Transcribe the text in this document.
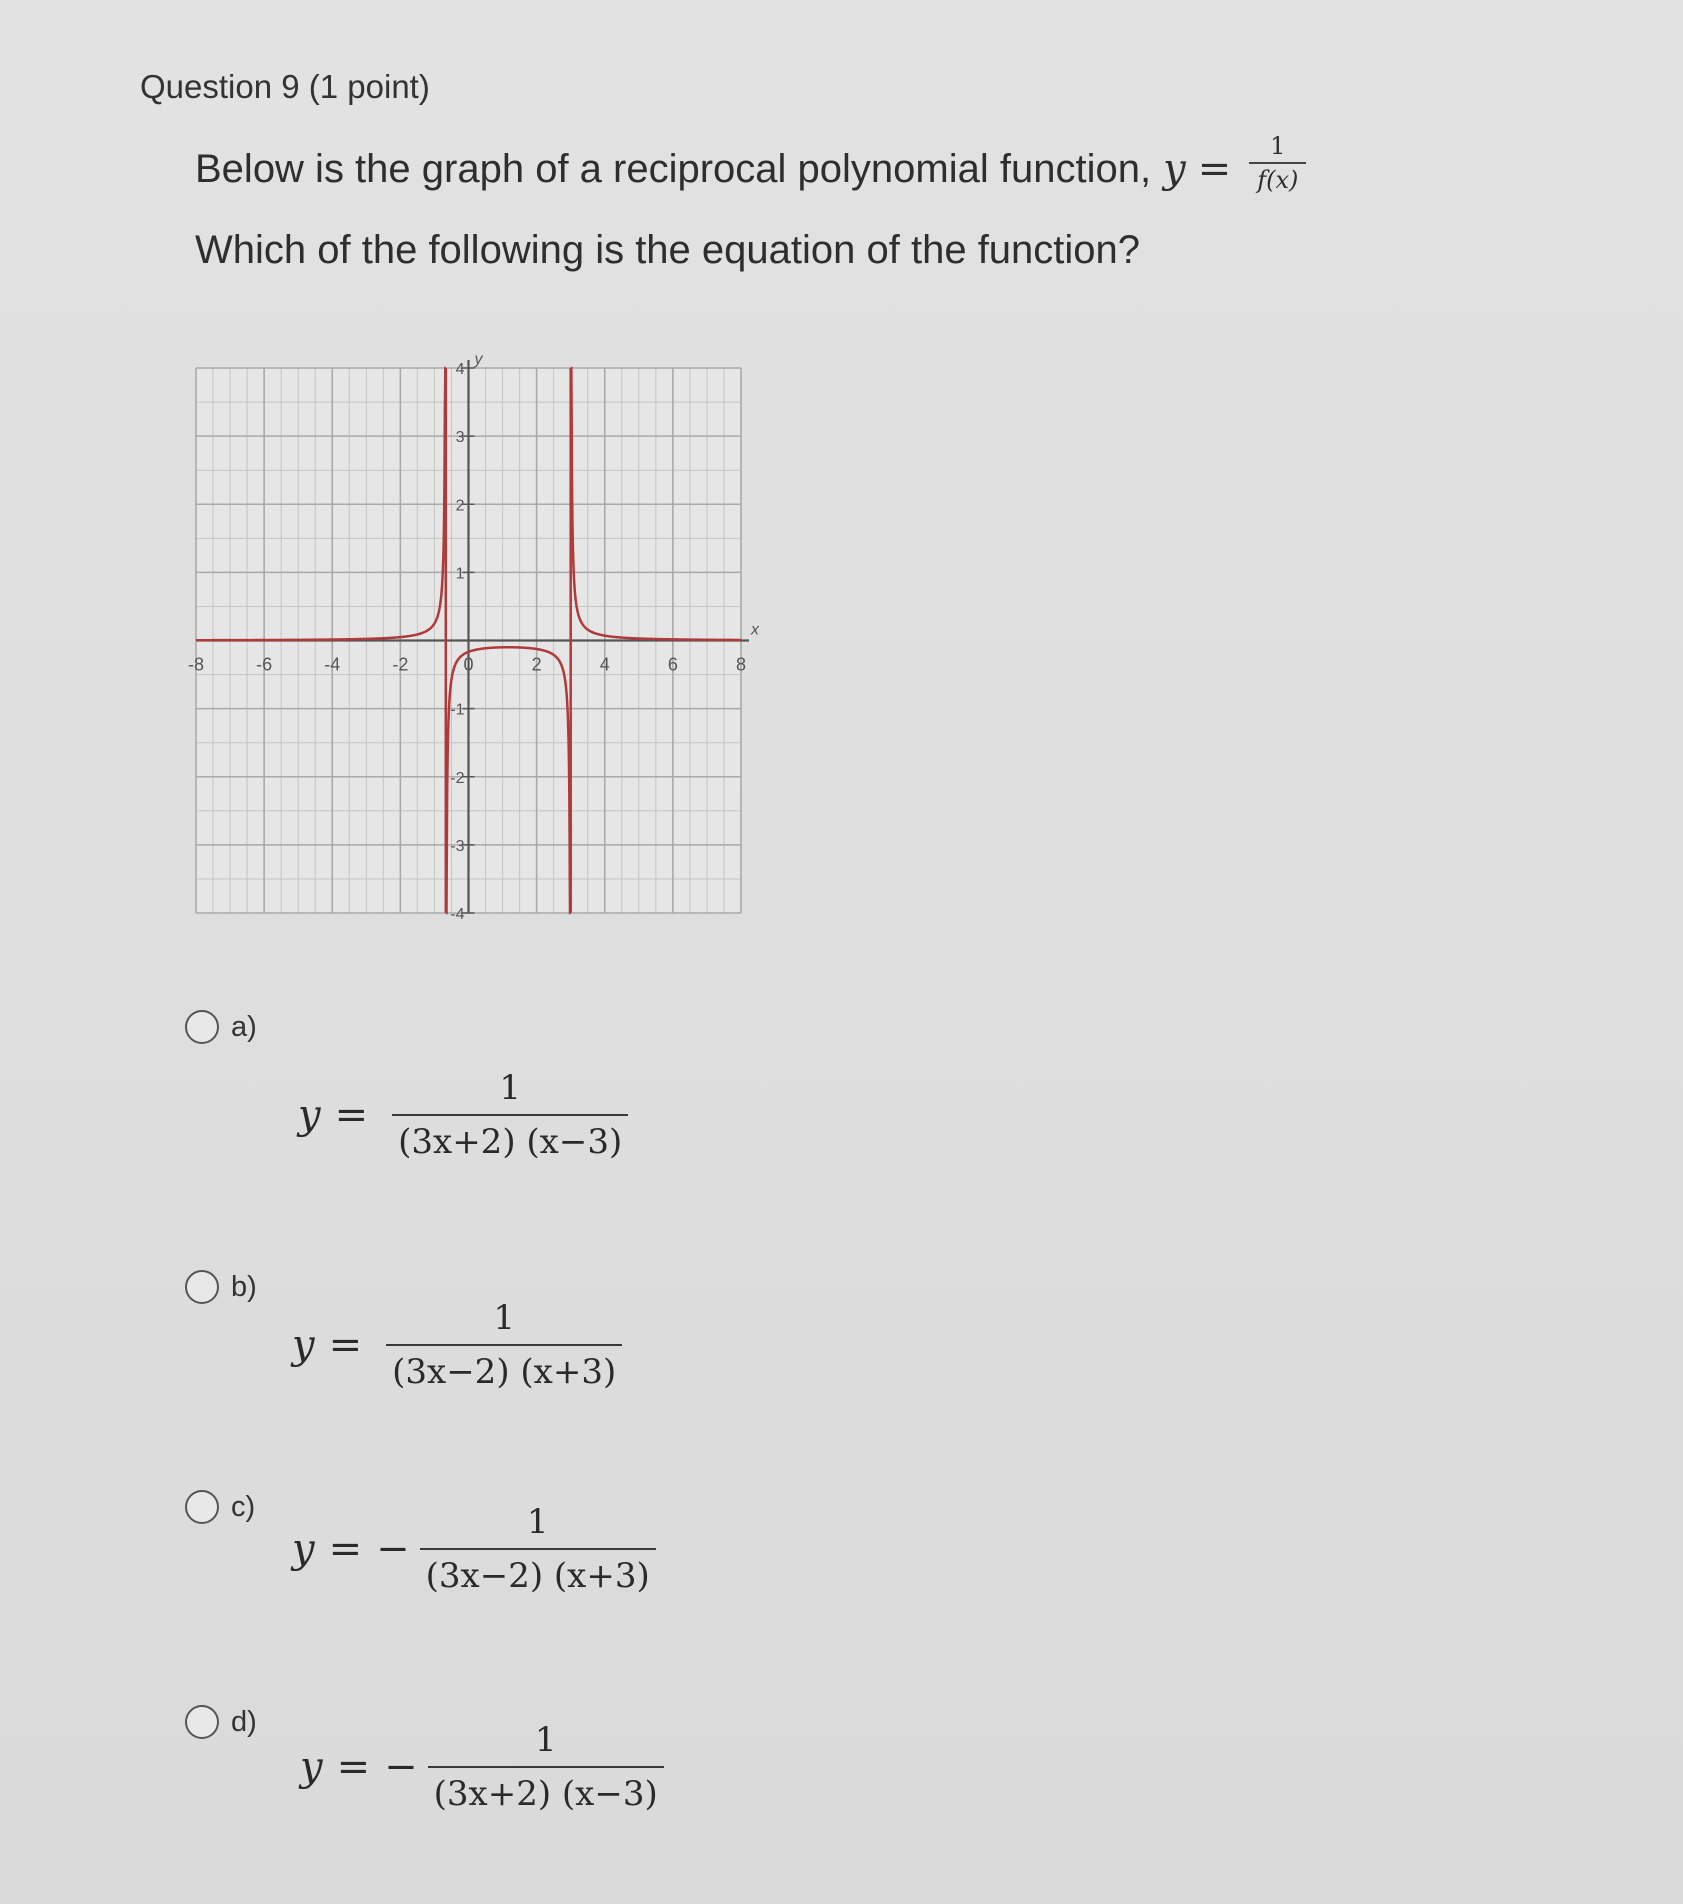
Question 9 (1 point)
Below is the graph of a reciprocal polynomial function, $y = \frac{1}{f(x)}$
Which of the following is the equation of the function?
x
y
-8	-6	-4	-2	0	2	4	6	8
4
3
2
1
-1
-2
-3
-4
a)
$y = \frac{1}{(3x+2) (x-3)}$
b)
$y = \frac{1}{(3x-2) (x+3)}$
c)
y = − $\frac{1}{(3x-2) (x+3)}$
d)
y = − $\frac{1}{(3x+2) (x-3)}$
